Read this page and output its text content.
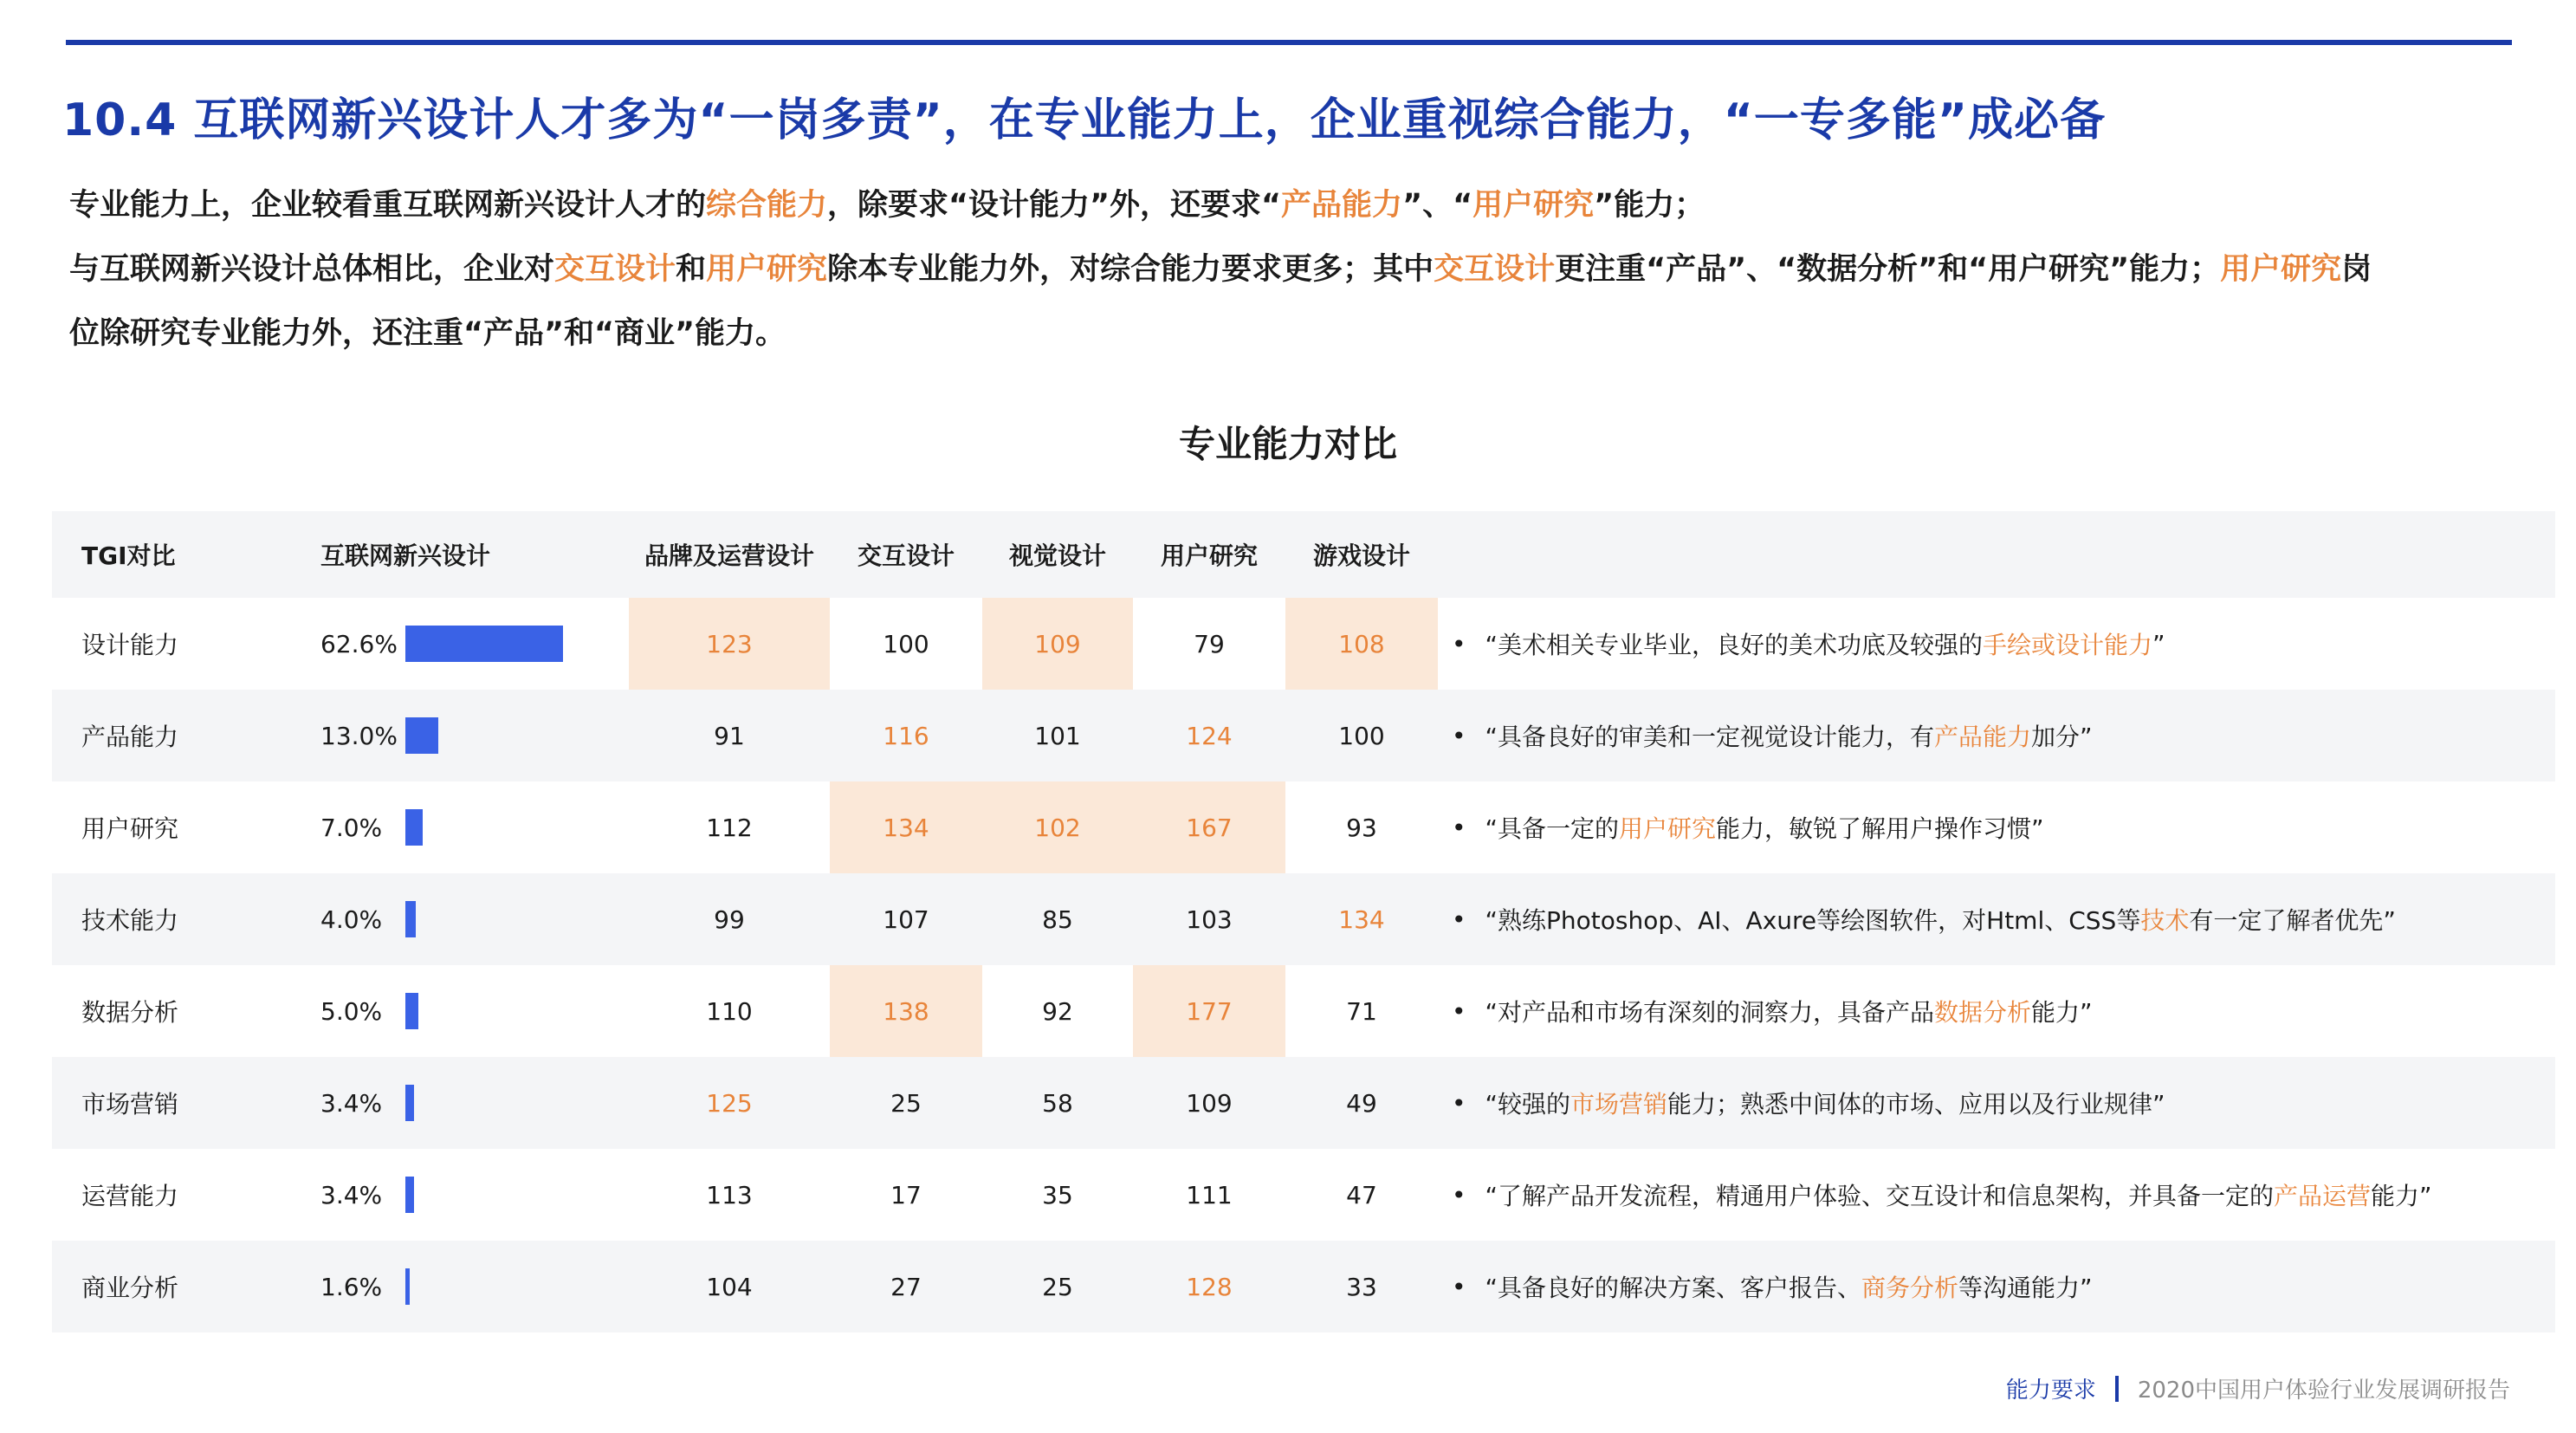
10.4 互联网新兴设计人才多为“一岗多责”，在专业能力上，企业重视综合能力，“一专多能”成必备
专业能力上，企业较看重互联网新兴设计人才的综合能力，除要求“设计能力”外，还要求“产品能力”、“用户研究”能力；
与互联网新兴设计总体相比，企业对交互设计和用户研究除本专业能力外，对综合能力要求更多；其中交互设计更注重“产品”、“数据分析”和“用户研究”能力；用户研究岗
位除研究专业能力外，还注重“产品”和“商业”能力。
专业能力对比
TGI对比	互联网新兴设计	品牌及运营设计	交互设计	视觉设计	用户研究	游戏设计
设计能力	62.6%	123	100	109	79	108	• “美术相关专业毕业，良好的美术功底及较强的 手绘或设计能力 ”
产品能力	13.0%	91	116	101	124	100	• “具备良好的审美和一定视觉设计能力，有 产品能力 加分”
用户研究	7.0%	112	134	102	167	93	• “具备一定的 用户研究 能力，敏锐了解用户操作习惯”
技术能力	4.0%	99	107	85	103	134	• “熟练Photoshop、AI、Axure等绘图软件，对Html、CSS等 技术 有一定了解者优先”
数据分析	5.0%	110	138	92	177	71	• “对产品和市场有深刻的洞察力，具备产品 数据分析 能力”
市场营销	3.4%	125	25	58	109	49	• “较强的 市场营销 能力；熟悉中间体的市场、应用以及行业规律”
运营能力	3.4%	113	17	35	111	47	• “了解产品开发流程，精通用户体验、交互设计和信息架构，并具备一定的 产品运营 能力”
商业分析	1.6%	104	27	25	128	33	• “具备良好的解决方案、客户报告、 商务分析 等沟通能力”
能力要求 2020中国用户体验行业发展调研报告
